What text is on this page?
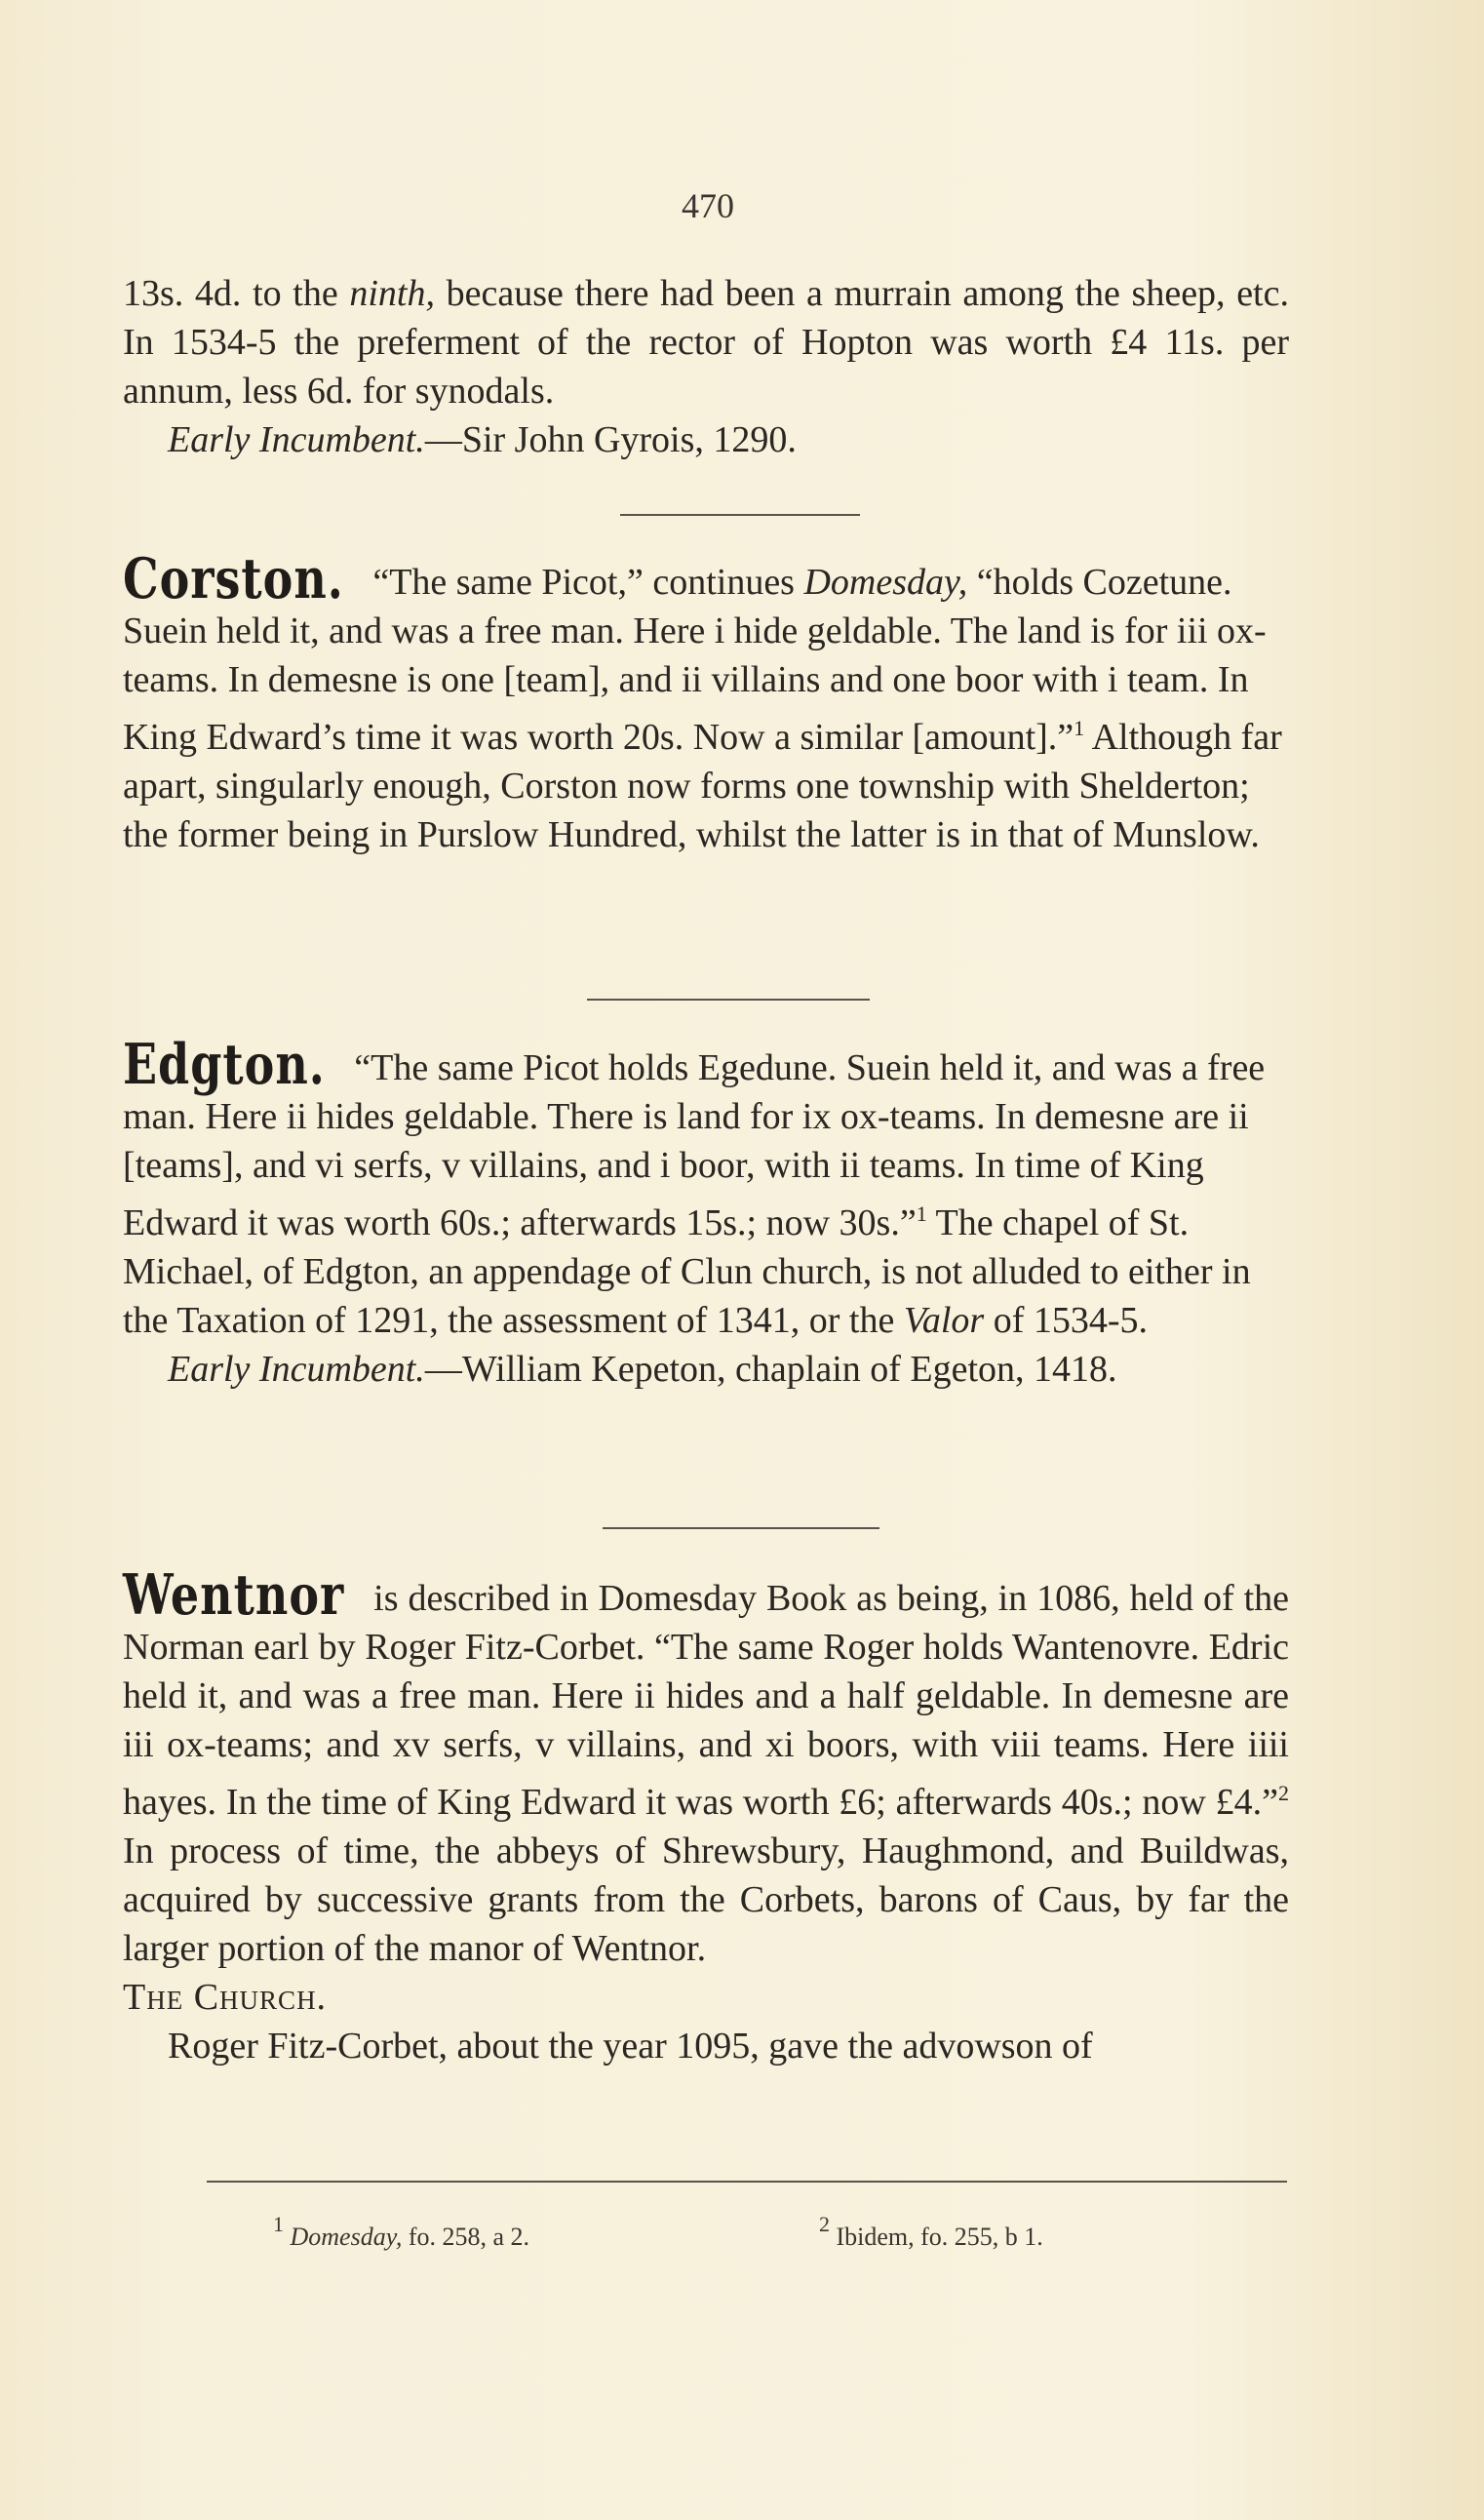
470

13s. 4d. to the ninth, because there had been a murrain among the sheep, etc. In 1534-5 the preferment of the rector of Hopton was worth £4 11s. per annum, less 6d. for synodals.

Early Incumbent.—Sir John Gyrois, 1290.

Corston. “The same Picot,” continues Domesday, “holds Cozetune. Suein held it, and was a free man. Here i hide geldable. The land is for iii ox-teams. In demesne is one [team], and ii villains and one boor with i team. In King Edward’s time it was worth 20s. Now a similar [amount].”$^1$ Although far apart, singularly enough, Corston now forms one township with Shelderton; the former being in Purslow Hundred, whilst the latter is in that of Munslow.

Edgton. “The same Picot holds Egedune. Suein held it, and was a free man. Here ii hides geldable. There is land for ix ox-teams. In demesne are ii [teams], and vi serfs, v villains, and i boor, with ii teams. In time of King Edward it was worth 60s.; afterwards 15s.; now 30s.”$^1$ The chapel of St. Michael, of Edgton, an appendage of Clun church, is not alluded to either in the Taxation of 1291, the assessment of 1341, or the Valor of 1534-5.

Early Incumbent.—William Kepeton, chaplain of Egeton, 1418.

Wentnor is described in Domesday Book as being, in 1086, held of the Norman earl by Roger Fitz-Corbet. “The same Roger holds Wantenovre. Edric held it, and was a free man. Here ii hides and a half geldable. In demesne are iii ox-teams; and xv serfs, v villains, and xi boors, with viii teams. Here iiii hayes. In the time of King Edward it was worth £6; afterwards 40s.; now £4.”$^2$ In process of time, the abbeys of Shrewsbury, Haughmond, and Buildwas, acquired by successive grants from the Corbets, barons of Caus, by far the larger portion of the manor of Wentnor.

The Church.

Roger Fitz-Corbet, about the year 1095, gave the advowson of

$^1$ Domesday, fo. 258, a 2.	$^2$ Ibidem, fo. 255, b 1.
